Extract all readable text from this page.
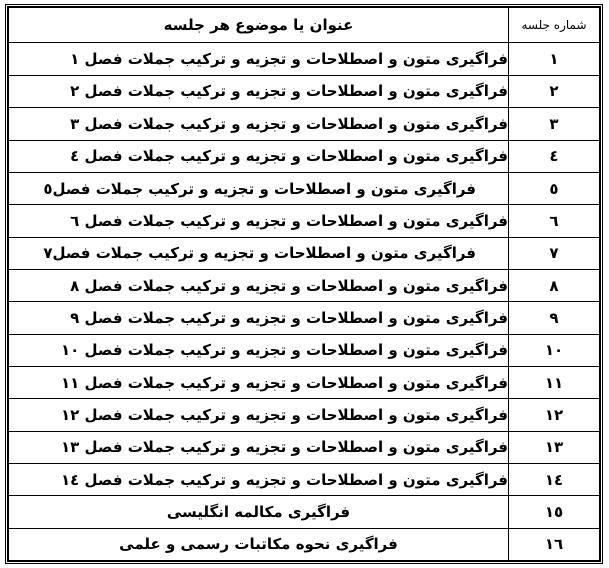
شماره جلسه	عنوان یا موضوع هر جلسه
۱	فراگیری متون و اصطلاحات و تجزیه و ترکیب جملات فصل ۱
۲	فراگیری متون و اصطلاحات و تجزیه و ترکیب جملات فصل ۲
۳	فراگیری متون و اصطلاحات و تجزیه و ترکیب جملات فصل ۳
٤	فراگیری متون و اصطلاحات و تجزیه و ترکیب جملات فصل ٤
٥	فراگیری متون و اصطلاحات و تجزیه و ترکیب جملات فصل٥
٦	فراگیری متون و اصطلاحات و تجزیه و ترکیب جملات فصل ٦
۷	فراگیری متون و اصطلاحات و تجزیه و ترکیب جملات فصل۷
۸	فراگیری متون و اصطلاحات و تجزیه و ترکیب جملات فصل ۸
۹	فراگیری متون و اصطلاحات و تجزیه و ترکیب جملات فصل ۹
۱۰	فراگیری متون و اصطلاحات و تجزیه و ترکیب جملات فصل ۱۰
۱۱	فراگیری متون و اصطلاحات و تجزیه و ترکیب جملات فصل ۱۱
۱۲	فراگیری متون و اصطلاحات و تجزیه و ترکیب جملات فصل ۱۲
۱۳	فراگیری متون و اصطلاحات و تجزیه و ترکیب جملات فصل ۱۳
١٤	فراگیری متون و اصطلاحات و تجزیه و ترکیب جملات فصل ١٤
١٥	فراگیری مکالمه انگلیسی
١٦	فراگیری نحوه مکاتبات رسمی و علمی
